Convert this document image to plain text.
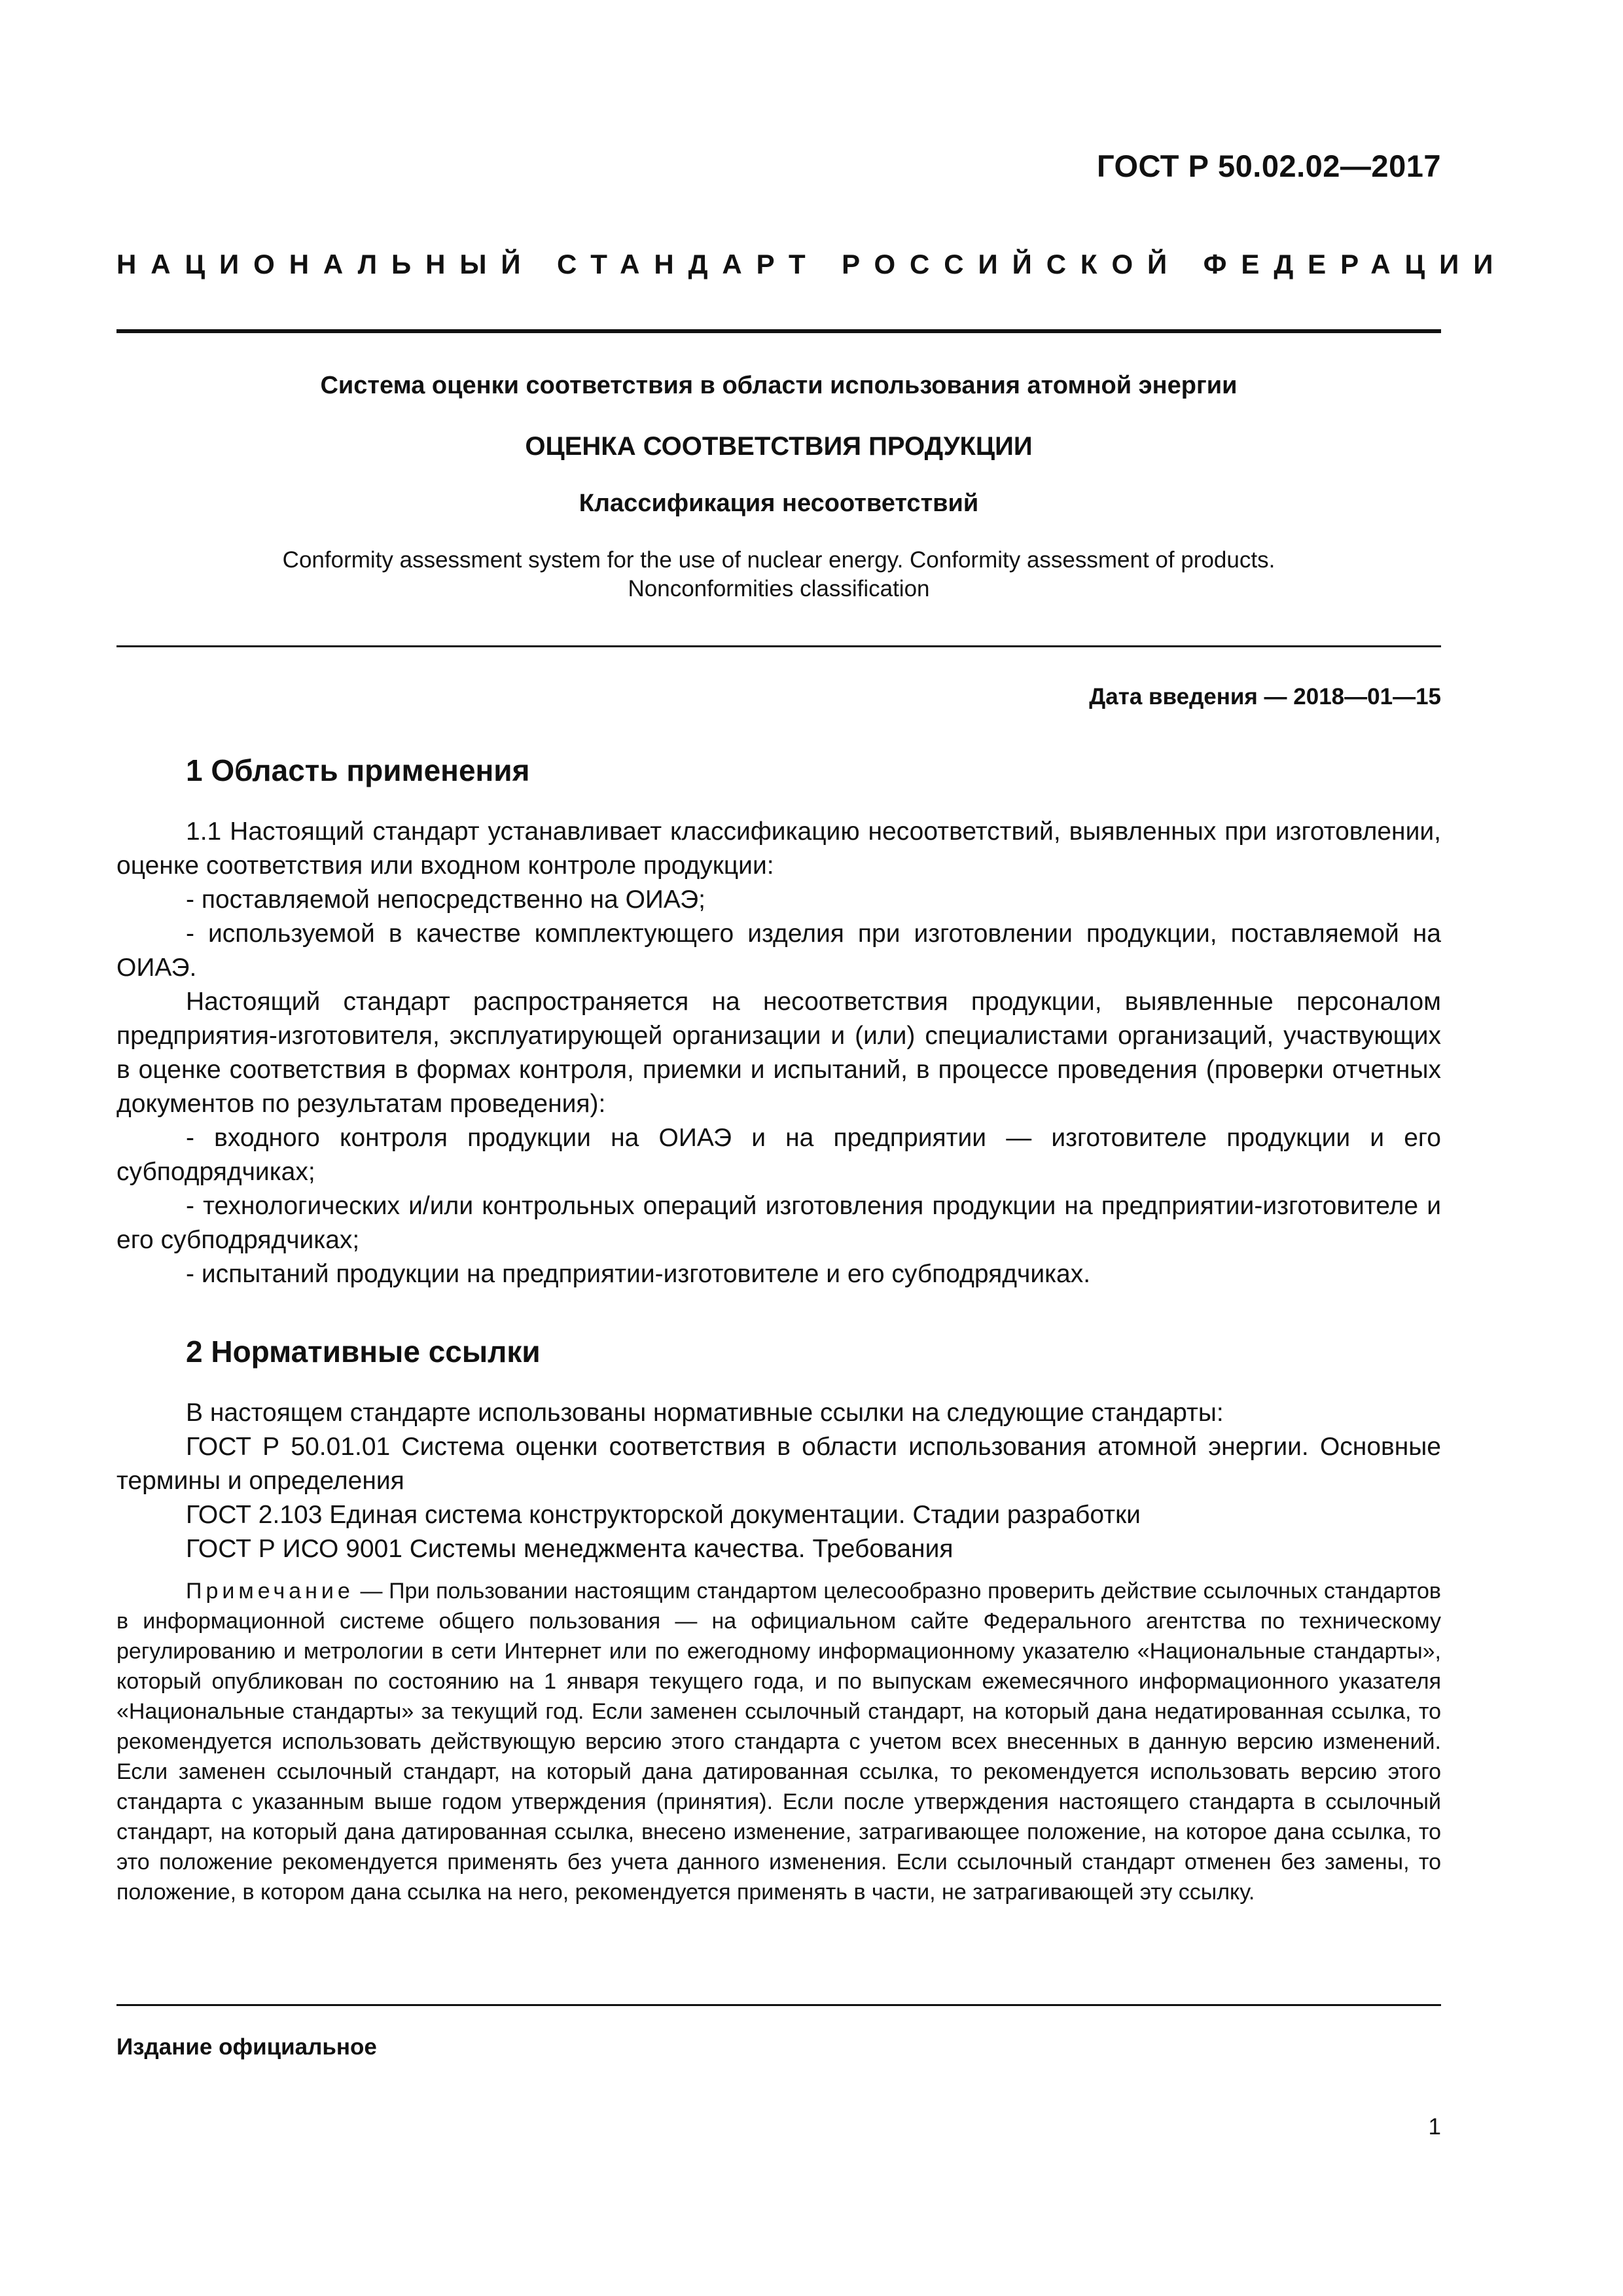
ГОСТ Р 50.02.02—2017
НАЦИОНАЛЬНЫЙ СТАНДАРТ РОССИЙСКОЙ ФЕДЕРАЦИИ
Система оценки соответствия в области использования атомной энергии
ОЦЕНКА СООТВЕТСТВИЯ ПРОДУКЦИИ
Классификация несоответствий
Conformity assessment system for the use of nuclear energy. Conformity assessment of products.
Nonconformities classification
Дата введения — 2018—01—15
1 Область применения

1.1 Настоящий стандарт устанавливает классификацию несоответствий, выявленных при изготовлении, оценке соответствия или входном контроле продукции:

- поставляемой непосредственно на ОИАЭ;

- используемой в качестве комплектующего изделия при изготовлении продукции, поставляемой на ОИАЭ.

Настоящий стандарт распространяется на несоответствия продукции, выявленные персоналом предприятия-изготовителя, эксплуатирующей организации и (или) специалистами организаций, участвующих в оценке соответствия в формах контроля, приемки и испытаний, в процессе проведения (проверки отчетных документов по результатам проведения):

- входного контроля продукции на ОИАЭ и на предприятии — изготовителе продукции и его субподрядчиках;

- технологических и/или контрольных операций изготовления продукции на предприятии-изготовителе и его субподрядчиках;

- испытаний продукции на предприятии-изготовителе и его субподрядчиках.

2 Нормативные ссылки

В настоящем стандарте использованы нормативные ссылки на следующие стандарты:

ГОСТ Р 50.01.01 Система оценки соответствия в области использования атомной энергии. Основные термины и определения

ГОСТ 2.103 Единая система конструкторской документации. Стадии разработки

ГОСТ Р ИСО 9001 Системы менеджмента качества. Требования

Примечание — При пользовании настоящим стандартом целесообразно проверить действие ссылочных стандартов в информационной системе общего пользования — на официальном сайте Федерального агентства по техническому регулированию и метрологии в сети Интернет или по ежегодному информационному указателю «Национальные стандарты», который опубликован по состоянию на 1 января текущего года, и по выпускам ежемесячного информационного указателя «Национальные стандарты» за текущий год. Если заменен ссылочный стандарт, на который дана недатированная ссылка, то рекомендуется использовать действующую версию этого стандарта с учетом всех внесенных в данную версию изменений. Если заменен ссылочный стандарт, на который дана датированная ссылка, то рекомендуется использовать версию этого стандарта с указанным выше годом утверждения (принятия). Если после утверждения настоящего стандарта в ссылочный стандарт, на который дана датированная ссылка, внесено изменение, затрагивающее положение, на которое дана ссылка, то это положение рекомендуется применять без учета данного изменения. Если ссылочный стандарт отменен без замены, то положение, в котором дана ссылка на него, рекомендуется применять в части, не затрагивающей эту ссылку.

Издание официальное
1
